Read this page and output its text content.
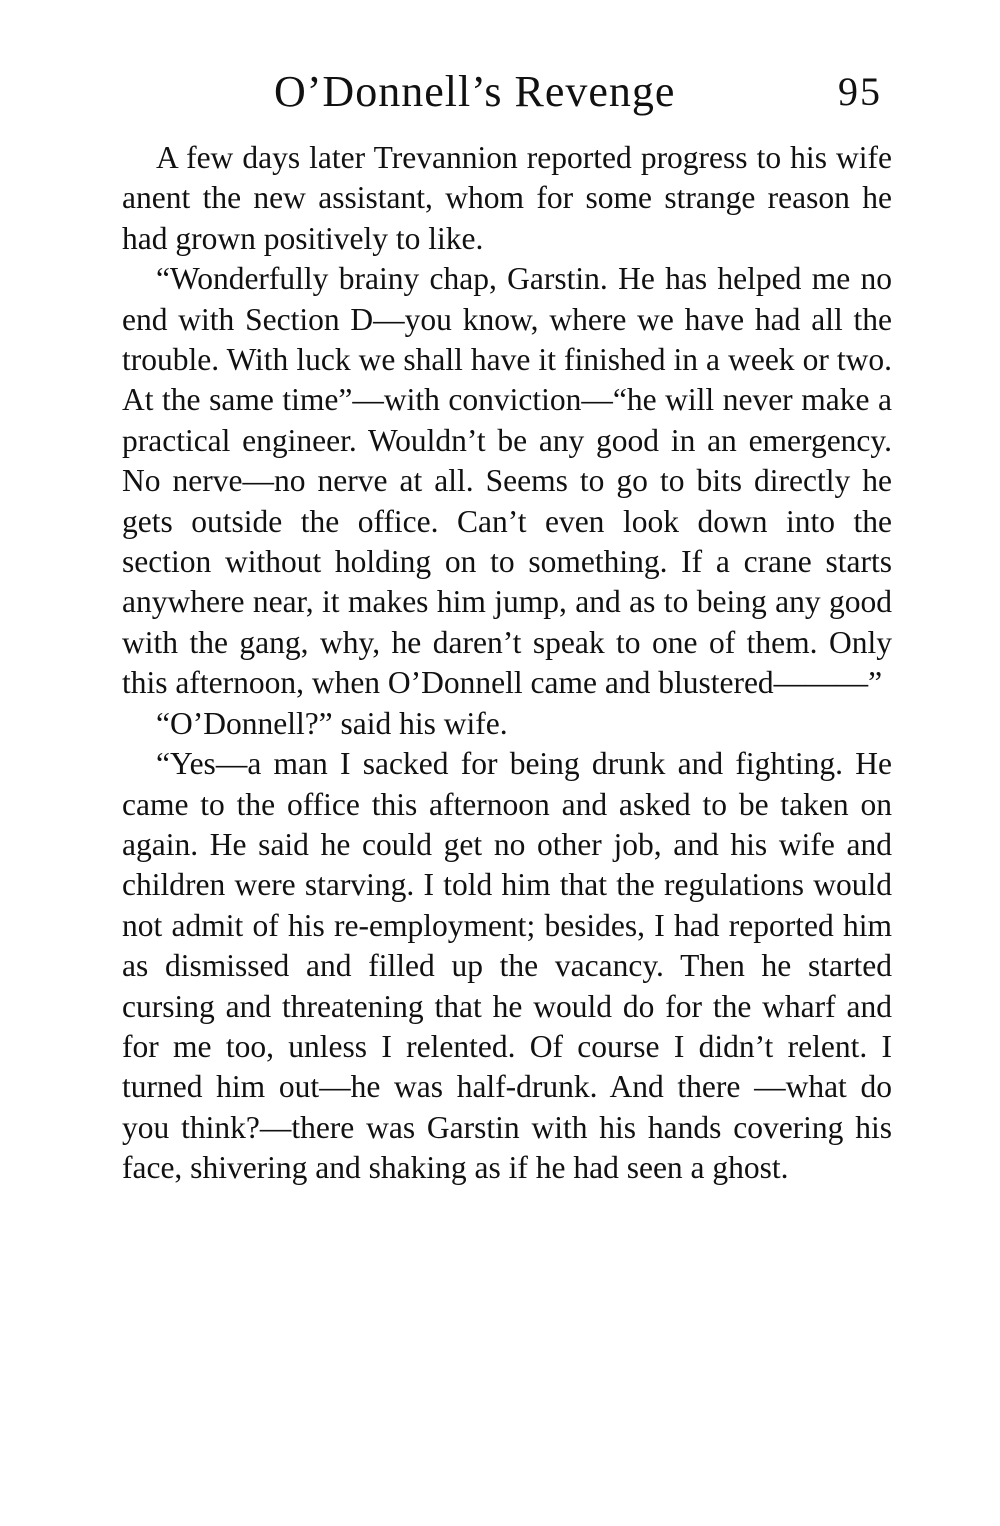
O’Donnell’s Revenge	95

A few days later Trevannion reported progress to his wife anent the new assistant, whom for some strange reason he had grown positively to like.

“Wonderfully brainy chap, Garstin. He has helped me no end with Section D—you know, where we have had all the trouble. With luck we shall have it finished in a week or two. At the same time”—with conviction—“he will never make a practical engineer. Wouldn’t be any good in an emergency. No nerve—no nerve at all. Seems to go to bits directly he gets outside the office. Can’t even look down into the section without holding on to something. If a crane starts anywhere near, it makes him jump, and as to being any good with the gang, why, he daren’t speak to one of them. Only this afternoon, when O’Donnell came and blustered———”

“O’Donnell?” said his wife.

“Yes—a man I sacked for being drunk and fighting. He came to the office this afternoon and asked to be taken on again. He said he could get no other job, and his wife and children were starving. I told him that the regulations would not admit of his re-employment; besides, I had reported him as dismissed and filled up the vacancy. Then he started cursing and threatening that he would do for the wharf and for me too, unless I relented. Of course I didn’t relent. I turned him out—he was half-drunk. And there —what do you think?—there was Garstin with his hands covering his face, shivering and shaking as if he had seen a ghost.
